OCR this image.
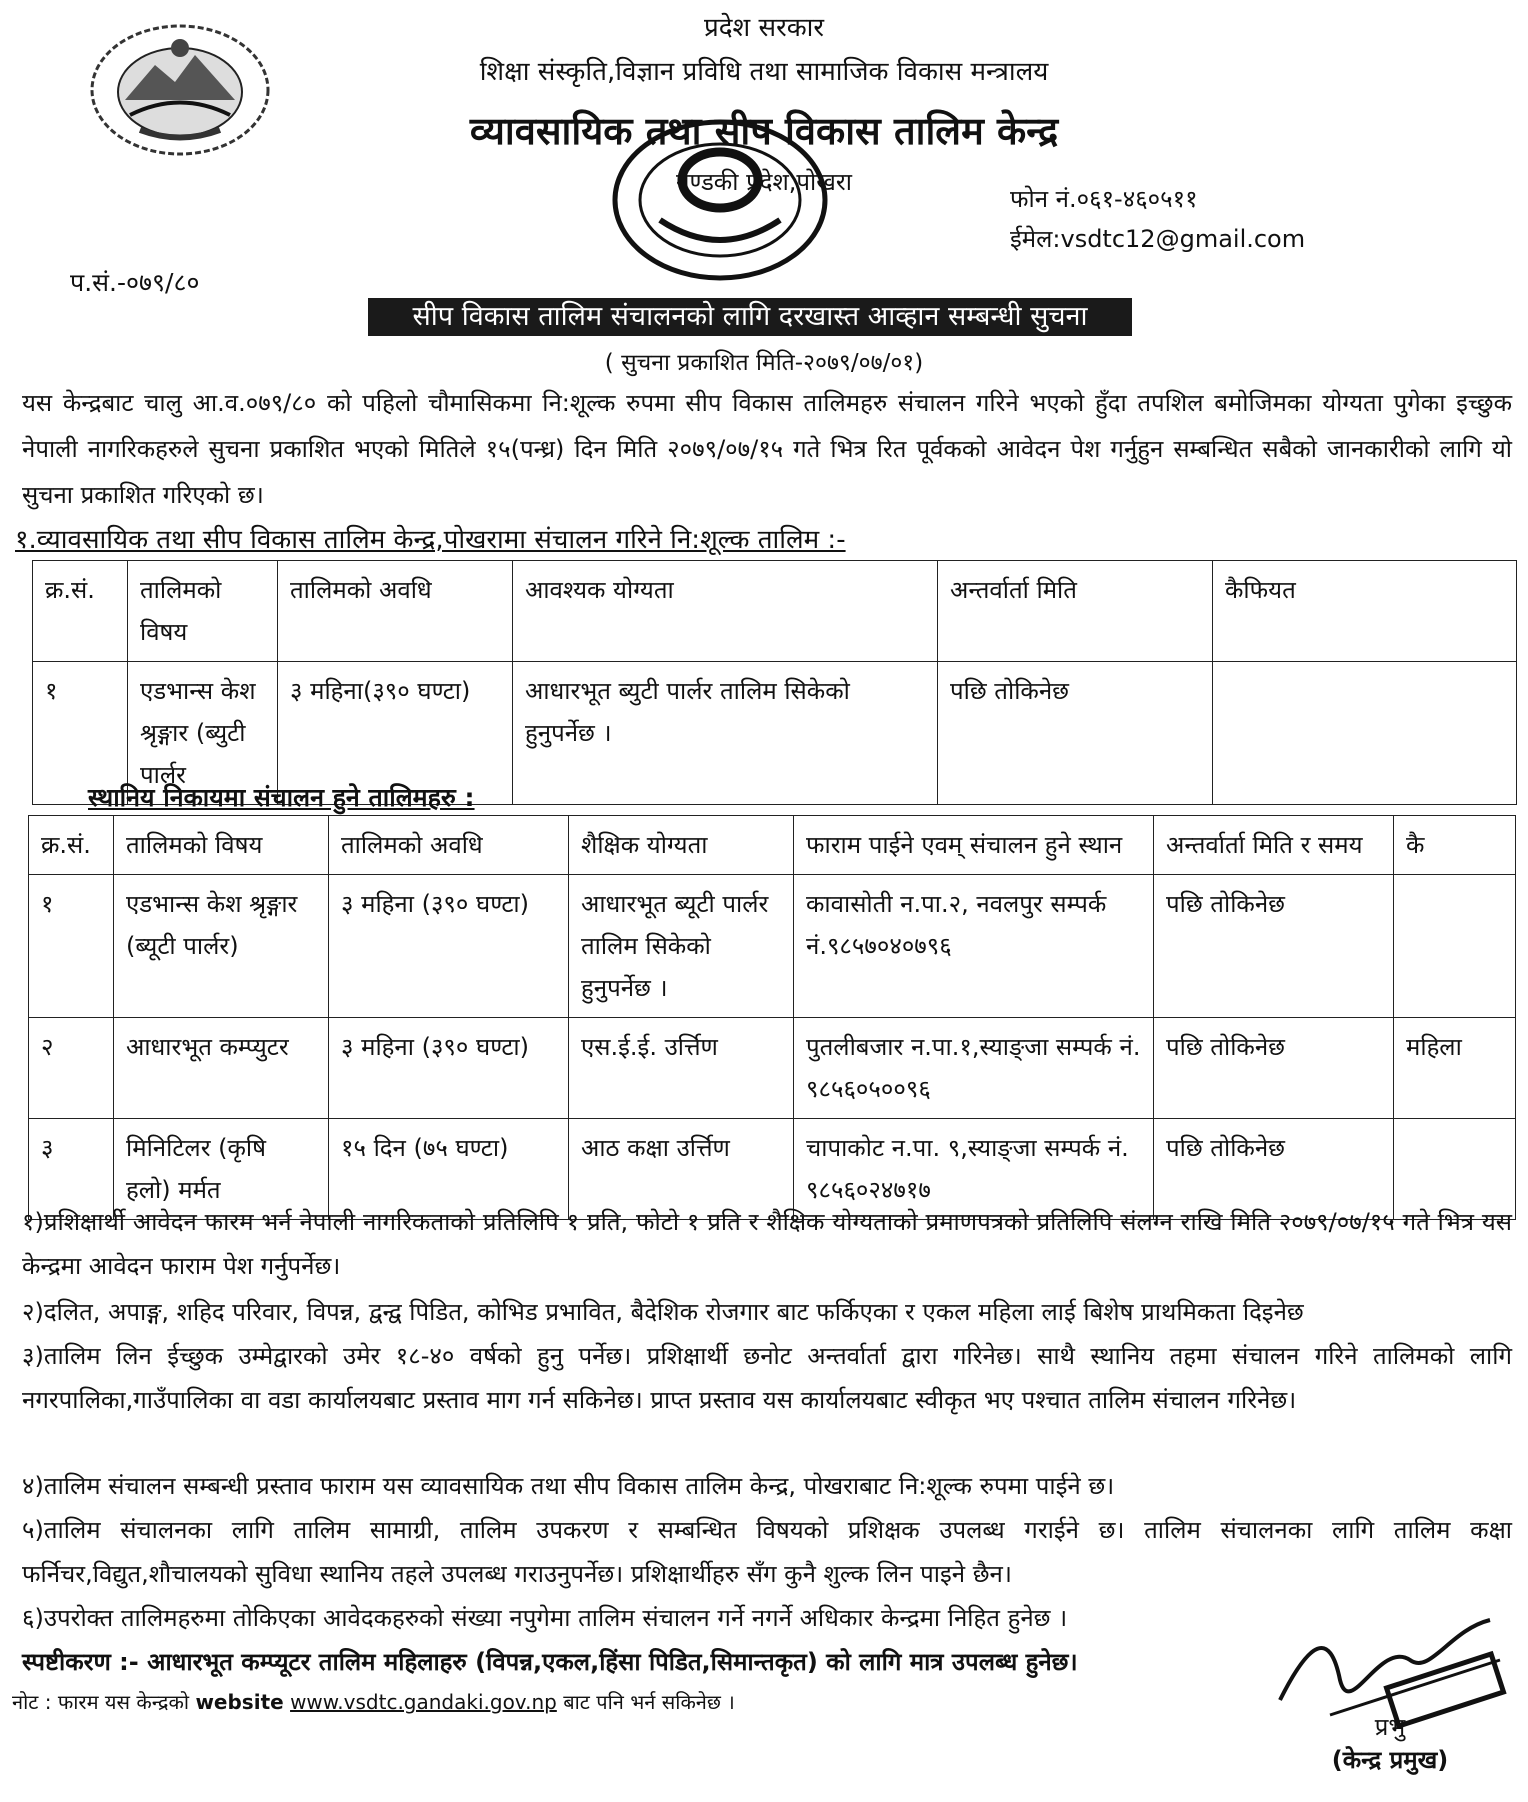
प्रदेश सरकार
शिक्षा संस्कृति,विज्ञान प्रविधि तथा सामाजिक विकास मन्त्रालय
व्यावसायिक तथा सीप विकास तालिम केन्द्र
गण्डकी प्रदेश,पोखरा
फोन नं.०६१-४६०५११
ईमेल:vsdtc12@gmail.com
प.सं.-०७९/८०
सीप विकास तालिम संचालनको लागि दरखास्त आव्हान सम्बन्धी सुचना
( सुचना प्रकाशित मिति-२०७९/०७/०१)

यस केन्द्रबाट चालु आ.व.०७९/८० को पहिलो चौमासिकमा नि:शूल्क रुपमा सीप विकास तालिमहरु संचालन गरिने भएको हुँदा तपशिल बमोजिमका योग्यता पुगेका इच्छुक नेपाली नागरिकहरुले सुचना प्रकाशित भएको मितिले १५(पन्ध्र) दिन मिति २०७९/०७/१५ गते भित्र रित पूर्वकको आवेदन पेश गर्नुहुन सम्बन्धित सबैको जानकारीको लागि यो सुचना प्रकाशित गरिएको छ।

१.व्यावसायिक तथा सीप विकास तालिम केन्द्र,पोखरामा संचालन गरिने नि:शूल्क तालिम :-

क्र.सं.	तालिमको विषय	तालिमको अवधि	आवश्यक योग्यता	अन्तर्वार्ता मिति	कैफियत
१	एडभान्स केश श्रृङ्गार (ब्युटी पार्लर	३ महिना(३९० घण्टा)	आधारभूत ब्युटी पार्लर तालिम सिकेको हुनुपर्नेछ ।	पछि तोकिनेछ	

स्थानिय निकायमा संचालन हुने तालिमहरु :

क्र.सं.	तालिमको विषय	तालिमको अवधि	शैक्षिक योग्यता	फाराम पाईने एवम् संचालन हुने स्थान	अन्तर्वार्ता मिति र समय	कै
१	एडभान्स केश श्रृङ्गार (ब्यूटी पार्लर)	३ महिना (३९० घण्टा)	आधारभूत ब्यूटी पार्लर तालिम सिकेको हुनुपर्नेछ ।	कावासोती न.पा.२, नवलपुर सम्पर्क नं.९८५७०४०७९६	पछि तोकिनेछ	
२	आधारभूत कम्प्युटर	३ महिना (३९० घण्टा)	एस.ई.ई. उर्त्तिण	पुतलीबजार न.पा.१,स्याङ्जा सम्पर्क नं. ९८५६०५००९६	पछि तोकिनेछ	महिला
३	मिनिटिलर (कृषि हलो) मर्मत	१५ दिन (७५ घण्टा)	आठ कक्षा उर्त्तिण	चापाकोट न.पा. ९,स्याङ्जा सम्पर्क नं. ९८५६०२४७१७	पछि तोकिनेछ	

१)प्रशिक्षार्थी आवेदन फारम भर्न नेपाली नागरिकताको प्रतिलिपि १ प्रति, फोटो १ प्रति र शैक्षिक योग्यताको प्रमाणपत्रको प्रतिलिपि संलग्न राखि मिति २०७९/०७/१५ गते भित्र यस केन्द्रमा आवेदन फाराम पेश गर्नुपर्नेछ।

२)दलित, अपाङ्ग, शहिद परिवार, विपन्न, द्वन्द्व पिडित, कोभिड प्रभावित, बैदेशिक रोजगार बाट फर्किएका र एकल महिला लाई बिशेष प्राथमिकता दिइनेछ

३)तालिम लिन ईच्छुक उम्मेद्वारको उमेर १८-४० वर्षको हुनु पर्नेछ। प्रशिक्षार्थी छनोट अन्तर्वार्ता द्वारा गरिनेछ। साथै स्थानिय तहमा संचालन गरिने तालिमको लागि नगरपालिका,गाउँपालिका वा वडा कार्यालयबाट प्रस्ताव माग गर्न सकिनेछ। प्राप्त प्रस्ताव यस कार्यालयबाट स्वीकृत भए पश्चात तालिम संचालन गरिनेछ।

४)तालिम संचालन सम्बन्धी प्रस्ताव फाराम यस व्यावसायिक तथा सीप विकास तालिम केन्द्र, पोखराबाट नि:शूल्क रुपमा पाईने छ।

५)तालिम संचालनका लागि तालिम सामाग्री, तालिम उपकरण र सम्बन्धित विषयको प्रशिक्षक उपलब्ध गराईने छ। तालिम संचालनका लागि तालिम कक्षा फर्निचर,विद्युत,शौचालयको सुविधा स्थानिय तहले उपलब्ध गराउनुपर्नेछ। प्रशिक्षार्थीहरु सँग कुनै शुल्क लिन पाइने छैन।

६)उपरोक्त तालिमहरुमा तोकिएका आवेदकहरुको संख्या नपुगेमा तालिम संचालन गर्ने नगर्ने अधिकार केन्द्रमा निहित हुनेछ ।

स्पष्टीकरण :- आधारभूत कम्प्यूटर तालिम महिलाहरु (विपन्न,एकल,हिंसा पिडित,सिमान्तकृत) को लागि मात्र उपलब्ध हुनेछ।

नोट : फारम यस केन्द्रको website www.vsdtc.gandaki.gov.np बाट पनि भर्न सकिनेछ ।

प्रभु
(केन्द्र प्रमुख)
